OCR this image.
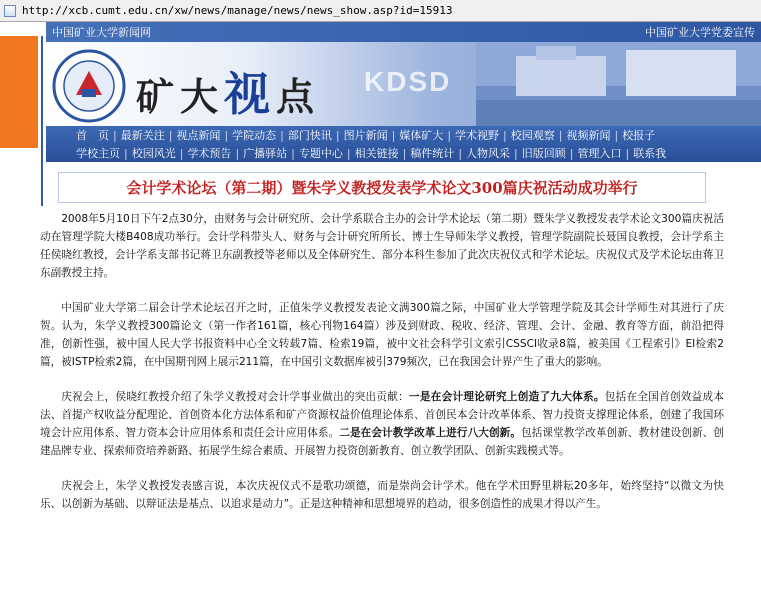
http://xcb.cumt.edu.cn/xw/news/manage/news/news_show.asp?id=15913
中国矿业大学新闻网	中国矿业大学党委宣传
矿大视点 KDSD
首　页 | 最新关注 | 视点新闻 | 学院动态 | 部门快讯 | 图片新闻 | 媒体矿大 | 学术视野 | 校园观察 | 视频新闻 | 校报子
学校主页 | 校园风光 | 学术预告 | 广播驿站 | 专题中心 | 相关链接 | 稿件统计 | 人物风采 | 旧版回顾 | 管理入口 | 联系我
会计学术论坛（第二期）暨朱学义教授发表学术论文300篇庆祝活动成功举行

2008年5月10日下午2点30分，由财务与会计研究所、会计学系联合主办的会计学术论坛（第二期）暨朱学义教授发表学术论文300篇庆祝活动在管理学院大楼B408成功举行。会计学科带头人、财务与会计研究所所长、博士生导师朱学义教授，管理学院副院长聂国良教授，会计学系主任侯晓红教授，会计学系支部书记蒋卫东副教授等老师以及全体研究生、部分本科生参加了此次庆祝仪式和学术论坛。庆祝仪式及学术论坛由蒋卫东副教授主持。

中国矿业大学第二届会计学术论坛召开之时，正值朱学义教授发表论文满300篇之际，中国矿业大学管理学院及其会计学师生对其进行了庆贺。认为，朱学义教授300篇论文（第一作者161篇，核心刊物164篇）涉及到财政、税收、经济、管理、会计、金融、教育等方面，前沿把得准，创新性强，被中国人民大学书报资料中心全文转载7篇、检索19篇，被中文社会科学引文索引CSSCI收录8篇，被美国《工程索引》EI检索2篇，被ISTP检索2篇，在中国期刊网上展示211篇，在中国引文数据库被引379频次，已在我国会计界产生了重大的影响。

庆祝会上，侯晓红教授介绍了朱学义教授对会计学事业做出的突出贡献：一是在会计理论研究上创造了九大体系。包括在全国首创效益成本法、首提产权收益分配理论、首创资本化方法体系和矿产资源权益价值理论体系、首创民本会计改革体系、智力投资支撑理论体系，创建了我国环境会计应用体系、智力资本会计应用体系和责任会计应用体系。二是在会计教学改革上进行八大创新。包括课堂教学改革创新、教材建设创新、创建品牌专业、探索师资培养新路、拓展学生综合素质、开展智力投资创新教育、创立教学团队、创新实践模式等。

庆祝会上，朱学义教授发表感言说，本次庆祝仪式不是歌功颂德，而是崇尚会计学术。他在学术田野里耕耘20多年，始终坚持“以微文为快乐、以创新为基础、以辩证法是基点、以追求是动力”。正是这种精神和思想境界的趋动，很多创造性的成果才得以产生。
